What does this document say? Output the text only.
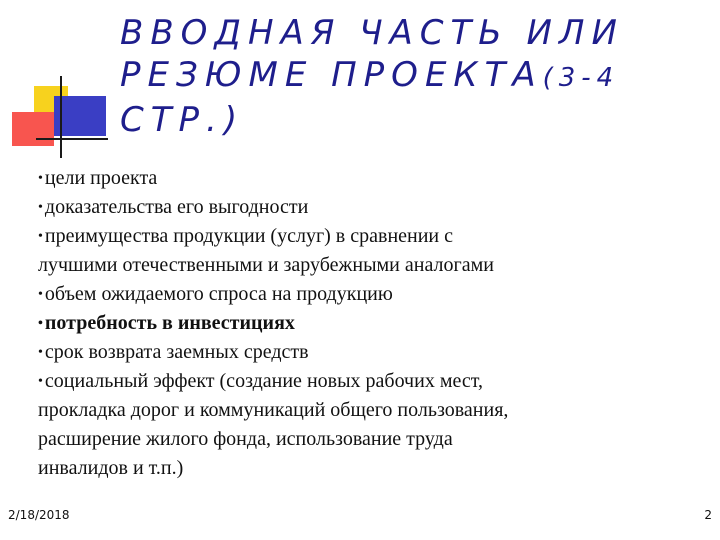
ВВОДНАЯ ЧАСТЬ ИЛИ
РЕЗЮМЕ ПРОЕКТА(3-4
СТР.)
• цели проекта
• доказательства его выгодности
• преимущества продукции (услуг) в сравнении с
лучшими отечественными и зарубежными аналогами
• объем ожидаемого спроса на продукцию
• потребность в инвестициях
• срок возврата заемных средств
• социальный эффект (создание новых рабочих мест,
прокладка дорог и коммуникаций общего пользования,
расширение жилого фонда, использование труда
инвалидов и т.п.)
2/18/2018	2
